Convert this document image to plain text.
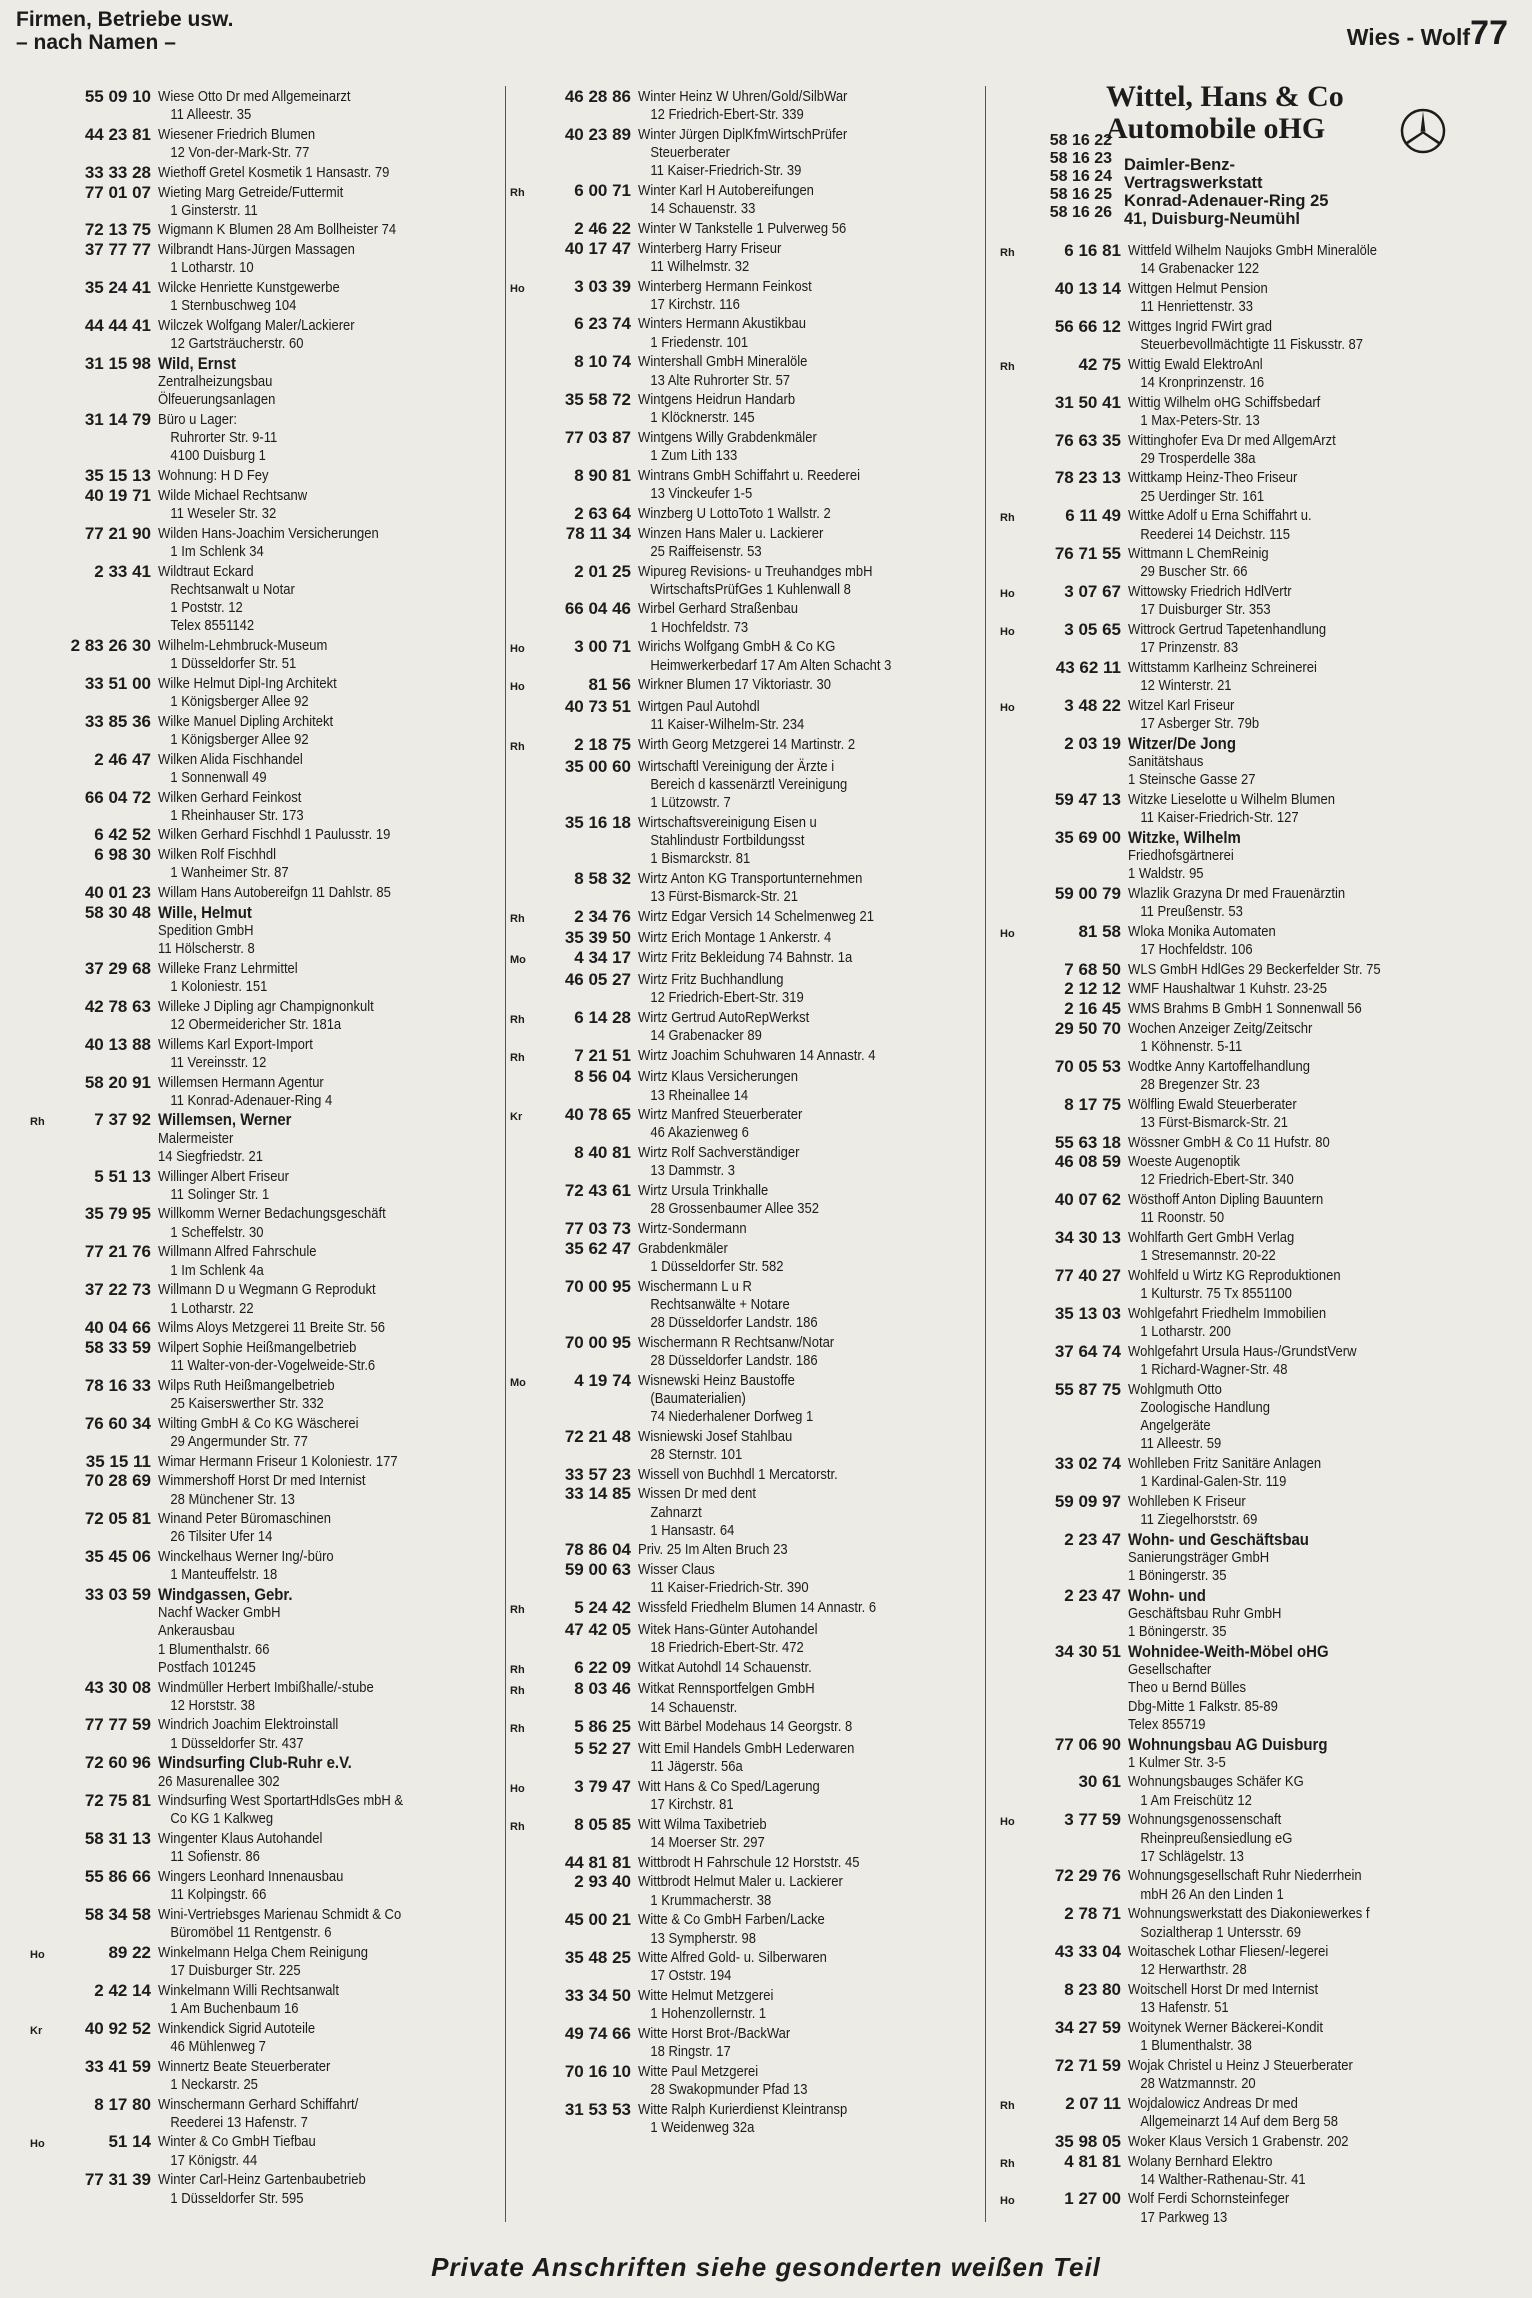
Firmen, Betriebe usw.
– nach Namen –	Wies - Wolf 77
55 09 10 Wiese Otto Dr med Allgemeinarzt
11 Alleestr. 35
44 23 81 Wiesener Friedrich Blumen
12 Von-der-Mark-Str. 77
33 33 28 Wiethoff Gretel Kosmetik 1 Hansastr. 79
77 01 07 Wieting Marg Getreide/Futtermit
1 Ginsterstr. 11
72 13 75 Wigmann K Blumen 28 Am Bollheister 74
37 77 77 Wilbrandt Hans-Jürgen Massagen
1 Lotharstr. 10
35 24 41 Wilcke Henriette Kunstgewerbe
1 Sternbuschweg 104
44 44 41 Wilczek Wolfgang Maler/Lackierer
12 Gartsträucherstr. 60
31 15 98 Wild, Ernst
Zentralheizungsbau
Ölfeuerungsanlagen
31 14 79 Büro u Lager:
Ruhrorter Str. 9-11
4100 Duisburg 1
35 15 13 Wohnung: H D Fey
40 19 71 Wilde Michael Rechtsanw
11 Weseler Str. 32
77 21 90 Wilden Hans-Joachim Versicherungen
1 Im Schlenk 34
2 33 41 Wildtraut Eckard
Rechtsanwalt u Notar
1 Poststr. 12
Telex 8551142
2 83 26 30 Wilhelm-Lehmbruck-Museum
1 Düsseldorfer Str. 51
33 51 00 Wilke Helmut Dipl-Ing Architekt
1 Königsberger Allee 92
33 85 36 Wilke Manuel Dipling Architekt
1 Königsberger Allee 92
2 46 47 Wilken Alida Fischhandel
1 Sonnenwall 49
66 04 72 Wilken Gerhard Feinkost
1 Rheinhauser Str. 173
6 42 52 Wilken Gerhard Fischhdl 1 Paulusstr. 19
6 98 30 Wilken Rolf Fischhdl
1 Wanheimer Str. 87
40 01 23 Willam Hans Autobereifgn 11 Dahlstr. 85
58 30 48 Wille, Helmut
Spedition GmbH
11 Hölscherstr. 8
37 29 68 Willeke Franz Lehrmittel
1 Koloniestr. 151
42 78 63 Willeke J Dipling agr Champignonkult
12 Obermeidericher Str. 181a
40 13 88 Willems Karl Export-Import
11 Vereinsstr. 12
58 20 91 Willemsen Hermann Agentur
11 Konrad-Adenauer-Ring 4
Rh	7 37 92 Willemsen, Werner
Malermeister
14 Siegfriedstr. 21
5 51 13 Willinger Albert Friseur
11 Solinger Str. 1
35 79 95 Willkomm Werner Bedachungsgeschäft
1 Scheffelstr. 30
77 21 76 Willmann Alfred Fahrschule
1 Im Schlenk 4a
37 22 73 Willmann D u Wegmann G Reprodukt
1 Lotharstr. 22
40 04 66 Wilms Aloys Metzgerei 11 Breite Str. 56
58 33 59 Wilpert Sophie Heißmangelbetrieb
11 Walter-von-der-Vogelweide-Str.6
78 16 33 Wilps Ruth Heißmangelbetrieb
25 Kaiserswerther Str. 332
76 60 34 Wilting GmbH & Co KG Wäscherei
29 Angermunder Str. 77
35 15 11 Wimar Hermann Friseur 1 Koloniestr. 177
70 28 69 Wimmershoff Horst Dr med Internist
28 Münchener Str. 13
72 05 81 Winand Peter Büromaschinen
26 Tilsiter Ufer 14
35 45 06 Winckelhaus Werner Ing/-büro
1 Manteuffelstr. 18
33 03 59 Windgassen, Gebr.
Nachf Wacker GmbH
Ankerausbau
1 Blumenthalstr. 66
Postfach 101245
43 30 08 Windmüller Herbert Imbißhalle/-stube
12 Horststr. 38
77 77 59 Windrich Joachim Elektroinstall
1 Düsseldorfer Str. 437
72 60 96 Windsurfing Club-Ruhr e.V.
26 Masurenallee 302
72 75 81 Windsurfing West SportartHdlsGes mbH &
Co KG 1 Kalkweg
58 31 13 Wingenter Klaus Autohandel
11 Sofienstr. 86
55 86 66 Wingers Leonhard Innenausbau
11 Kolpingstr. 66
58 34 58 Wini-Vertriebsges Marienau Schmidt & Co
Büromöbel 11 Rentgenstr. 6
Ho	89 22 Winkelmann Helga Chem Reinigung
17 Duisburger Str. 225
2 42 14 Winkelmann Willi Rechtsanwalt
1 Am Buchenbaum 16
Kr	40 92 52 Winkendick Sigrid Autoteile
46 Mühlenweg 7
33 41 59 Winnertz Beate Steuerberater
1 Neckarstr. 25
8 17 80 Winschermann Gerhard Schiffahrt/
Reederei 13 Hafenstr. 7
Ho	51 14 Winter & Co GmbH Tiefbau
17 Königstr. 44
77 31 39 Winter Carl-Heinz Gartenbaubetrieb
1 Düsseldorfer Str. 595
46 28 86 Winter Heinz W Uhren/Gold/SilbWar
12 Friedrich-Ebert-Str. 339
40 23 89 Winter Jürgen DiplKfmWirtschPrüfer
Steuerberater
11 Kaiser-Friedrich-Str. 39
Rh	6 00 71 Winter Karl H Autobereifungen
14 Schauenstr. 33
2 46 22 Winter W Tankstelle 1 Pulverweg 56
40 17 47 Winterberg Harry Friseur
11 Wilhelmstr. 32
Ho	3 03 39 Winterberg Hermann Feinkost
17 Kirchstr. 116
6 23 74 Winters Hermann Akustikbau
1 Friedenstr. 101
8 10 74 Wintershall GmbH Mineralöle
13 Alte Ruhrorter Str. 57
35 58 72 Wintgens Heidrun Handarb
1 Klöcknerstr. 145
77 03 87 Wintgens Willy Grabdenkmäler
1 Zum Lith 133
8 90 81 Wintrans GmbH Schiffahrt u. Reederei
13 Vinckeufer 1-5
2 63 64 Winzberg U LottoToto 1 Wallstr. 2
78 11 34 Winzen Hans Maler u. Lackierer
25 Raiffeisenstr. 53
2 01 25 Wipureg Revisions- u Treuhandges mbH
WirtschaftsPrüfGes 1 Kuhlenwall 8
66 04 46 Wirbel Gerhard Straßenbau
1 Hochfeldstr. 73
Ho	3 00 71 Wirichs Wolfgang GmbH & Co KG
Heimwerkerbedarf 17 Am Alten Schacht 3
Ho	81 56 Wirkner Blumen 17 Viktoriastr. 30
40 73 51 Wirtgen Paul Autohdl
11 Kaiser-Wilhelm-Str. 234
Rh	2 18 75 Wirth Georg Metzgerei 14 Martinstr. 2
35 00 60 Wirtschaftl Vereinigung der Ärzte i
Bereich d kassenärztl Vereinigung
1 Lützowstr. 7
35 16 18 Wirtschaftsvereinigung Eisen u
Stahlindustr Fortbildungsst
1 Bismarckstr. 81
8 58 32 Wirtz Anton KG Transportunternehmen
13 Fürst-Bismarck-Str. 21
Rh	2 34 76 Wirtz Edgar Versich 14 Schelmenweg 21
35 39 50 Wirtz Erich Montage 1 Ankerstr. 4
Mo	4 34 17 Wirtz Fritz Bekleidung 74 Bahnstr. 1a
46 05 27 Wirtz Fritz Buchhandlung
12 Friedrich-Ebert-Str. 319
Rh	6 14 28 Wirtz Gertrud AutoRepWerkst
14 Grabenacker 89
Rh	7 21 51 Wirtz Joachim Schuhwaren 14 Annastr. 4
8 56 04 Wirtz Klaus Versicherungen
13 Rheinallee 14
Kr	40 78 65 Wirtz Manfred Steuerberater
46 Akazienweg 6
8 40 81 Wirtz Rolf Sachverständiger
13 Dammstr. 3
72 43 61 Wirtz Ursula Trinkhalle
28 Grossenbaumer Allee 352
77 03 73 Wirtz-Sondermann
35 62 47 Grabdenkmäler
1 Düsseldorfer Str. 582
70 00 95 Wischermann L u R
Rechtsanwälte + Notare
28 Düsseldorfer Landstr. 186
70 00 95 Wischermann R Rechtsanw/Notar
28 Düsseldorfer Landstr. 186
Mo	4 19 74 Wisnewski Heinz Baustoffe
(Baumaterialien)
74 Niederhalener Dorfweg 1
72 21 48 Wisniewski Josef Stahlbau
28 Sternstr. 101
33 57 23 Wissell von Buchhdl 1 Mercatorstr.
33 14 85 Wissen Dr med dent
Zahnarzt
1 Hansastr. 64
78 86 04 Priv. 25 Im Alten Bruch 23
59 00 63 Wisser Claus
11 Kaiser-Friedrich-Str. 390
Rh	5 24 42 Wissfeld Friedhelm Blumen 14 Annastr. 6
47 42 05 Witek Hans-Günter Autohandel
18 Friedrich-Ebert-Str. 472
Rh	6 22 09 Witkat Autohdl 14 Schauenstr.
Rh	8 03 46 Witkat Rennsportfelgen GmbH
14 Schauenstr.
Rh	5 86 25 Witt Bärbel Modehaus 14 Georgstr. 8
5 52 27 Witt Emil Handels GmbH Lederwaren
11 Jägerstr. 56a
Ho	3 79 47 Witt Hans & Co Sped/Lagerung
17 Kirchstr. 81
Rh	8 05 85 Witt Wilma Taxibetrieb
14 Moerser Str. 297
44 81 81 Wittbrodt H Fahrschule 12 Horststr. 45
2 93 40 Wittbrodt Helmut Maler u. Lackierer
1 Krummacherstr. 38
45 00 21 Witte & Co GmbH Farben/Lacke
13 Sympherstr. 98
35 48 25 Witte Alfred Gold- u. Silberwaren
17 Oststr. 194
33 34 50 Witte Helmut Metzgerei
1 Hohenzollernstr. 1
49 74 66 Witte Horst Brot-/BackWar
18 Ringstr. 17
70 16 10 Witte Paul Metzgerei
28 Swakopmunder Pfad 13
31 53 53 Witte Ralph Kurierdienst Kleintransp
1 Weidenweg 32a
Wittel, Hans & Co
Automobile oHG
58 16 22
58 16 23
58 16 24
58 16 25
58 16 26
Daimler-Benz-
Vertragswerkstatt
Konrad-Adenauer-Ring 25
41, Duisburg-Neumühl
Rh	6 16 81 Wittfeld Wilhelm Naujoks GmbH Mineralöle
14 Grabenacker 122
40 13 14 Wittgen Helmut Pension
11 Henriettenstr. 33
56 66 12 Wittges Ingrid FWirt grad
Steuerbevollmächtigte 11 Fiskusstr. 87
Rh	42 75 Wittig Ewald ElektroAnl
14 Kronprinzenstr. 16
31 50 41 Wittig Wilhelm oHG Schiffsbedarf
1 Max-Peters-Str. 13
76 63 35 Wittinghofer Eva Dr med AllgemArzt
29 Trosperdelle 38a
78 23 13 Wittkamp Heinz-Theo Friseur
25 Uerdinger Str. 161
Rh	6 11 49 Wittke Adolf u Erna Schiffahrt u.
Reederei 14 Deichstr. 115
76 71 55 Wittmann L ChemReinig
29 Buscher Str. 66
Ho	3 07 67 Wittowsky Friedrich HdlVertr
17 Duisburger Str. 353
Ho	3 05 65 Wittrock Gertrud Tapetenhandlung
17 Prinzenstr. 83
43 62 11 Wittstamm Karlheinz Schreinerei
12 Winterstr. 21
Ho	3 48 22 Witzel Karl Friseur
17 Asberger Str. 79b
2 03 19 Witzer/De Jong
Sanitätshaus
1 Steinsche Gasse 27
59 47 13 Witzke Lieselotte u Wilhelm Blumen
11 Kaiser-Friedrich-Str. 127
35 69 00 Witzke, Wilhelm
Friedhofsgärtnerei
1 Waldstr. 95
59 00 79 Wlazlik Grazyna Dr med Frauenärztin
11 Preußenstr. 53
Ho	81 58 Wloka Monika Automaten
17 Hochfeldstr. 106
7 68 50 WLS GmbH HdlGes 29 Beckerfelder Str. 75
2 12 12 WMF Haushaltwar 1 Kuhstr. 23-25
2 16 45 WMS Brahms B GmbH 1 Sonnenwall 56
29 50 70 Wochen Anzeiger Zeitg/Zeitschr
1 Köhnenstr. 5-11
70 05 53 Wodtke Anny Kartoffelhandlung
28 Bregenzer Str. 23
8 17 75 Wölfling Ewald Steuerberater
13 Fürst-Bismarck-Str. 21
55 63 18 Wössner GmbH & Co 11 Hufstr. 80
46 08 59 Woeste Augenoptik
12 Friedrich-Ebert-Str. 340
40 07 62 Wösthoff Anton Dipling Bauuntern
11 Roonstr. 50
34 30 13 Wohlfarth Gert GmbH Verlag
1 Stresemannstr. 20-22
77 40 27 Wohlfeld u Wirtz KG Reproduktionen
1 Kulturstr. 75 Tx 8551100
35 13 03 Wohlgefahrt Friedhelm Immobilien
1 Lotharstr. 200
37 64 74 Wohlgefahrt Ursula Haus-/GrundstVerw
1 Richard-Wagner-Str. 48
55 87 75 Wohlgmuth Otto
Zoologische Handlung
Angelgeräte
11 Alleestr. 59
33 02 74 Wohlleben Fritz Sanitäre Anlagen
1 Kardinal-Galen-Str. 119
59 09 97 Wohlleben K Friseur
11 Ziegelhorststr. 69
2 23 47 Wohn- und Geschäftsbau
Sanierungsträger GmbH
1 Böningerstr. 35
2 23 47 Wohn- und
Geschäftsbau Ruhr GmbH
1 Böningerstr. 35
34 30 51 Wohnidee-Weith-Möbel oHG
Gesellschafter
Theo u Bernd Bülles
Dbg-Mitte 1 Falkstr. 85-89
Telex 855719
77 06 90 Wohnungsbau AG Duisburg
1 Kulmer Str. 3-5
30 61 Wohnungsbauges Schäfer KG
1 Am Freischütz 12
Ho	3 77 59 Wohnungsgenossenschaft
Rheinpreußensiedlung eG
17 Schlägelstr. 13
72 29 76 Wohnungsgesellschaft Ruhr Niederrhein
mbH 26 An den Linden 1
2 78 71 Wohnungswerkstatt des Diakoniewerkes f
Sozialtherap 1 Untersstr. 69
43 33 04 Woitaschek Lothar Fliesen/-legerei
12 Herwarthstr. 28
8 23 80 Woitschell Horst Dr med Internist
13 Hafenstr. 51
34 27 59 Woitynek Werner Bäckerei-Kondit
1 Blumenthalstr. 38
72 71 59 Wojak Christel u Heinz J Steuerberater
28 Watzmannstr. 20
Rh	2 07 11 Wojdalowicz Andreas Dr med
Allgemeinarzt 14 Auf dem Berg 58
35 98 05 Woker Klaus Versich 1 Grabenstr. 202
Rh	4 81 81 Wolany Bernhard Elektro
14 Walther-Rathenau-Str. 41
Ho	1 27 00 Wolf Ferdi Schornsteinfeger
17 Parkweg 13
Private Anschriften siehe gesonderten weißen Teil
